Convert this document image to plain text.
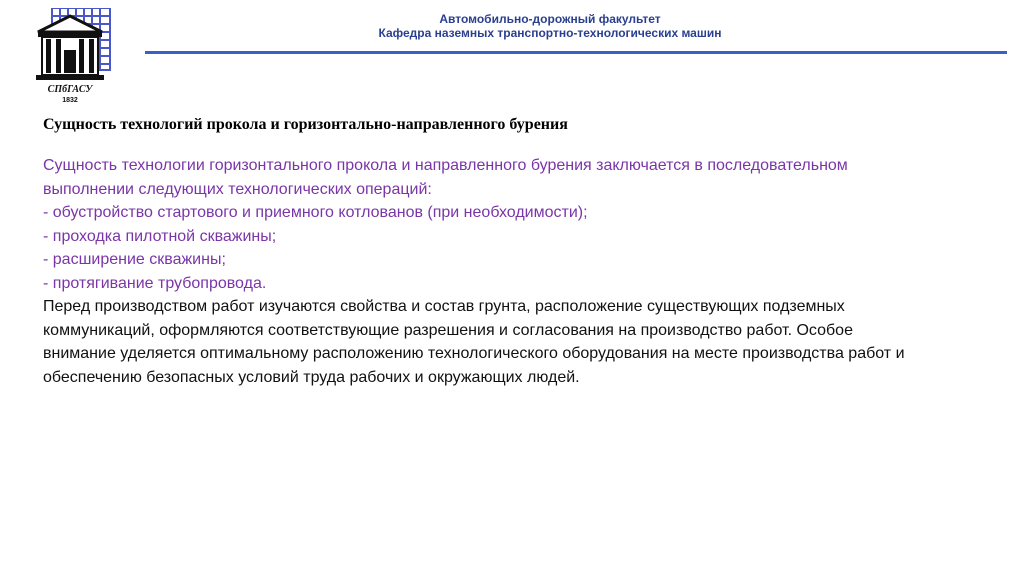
СПбГАСУ
1832
Автомобильно-дорожный факультет
Кафедра наземных транспортно-технологических машин
Сущность технологий прокола и горизонтально-направленного бурения
Сущность технологии горизонтального прокола и направленного бурения заключается в последовательном
выполнении следующих технологических операций:
- обустройство стартового и приемного котлованов (при необходимости);
- проходка пилотной скважины;
- расширение скважины;
- протягивание трубопровода.
Перед производством работ изучаются свойства и состав грунта, расположение существующих подземных
коммуникаций, оформляются соответствующие разрешения и согласования на производство работ. Особое
внимание уделяется оптимальному расположению технологического оборудования на месте производства работ и
обеспечению безопасных условий труда рабочих и окружающих людей.
